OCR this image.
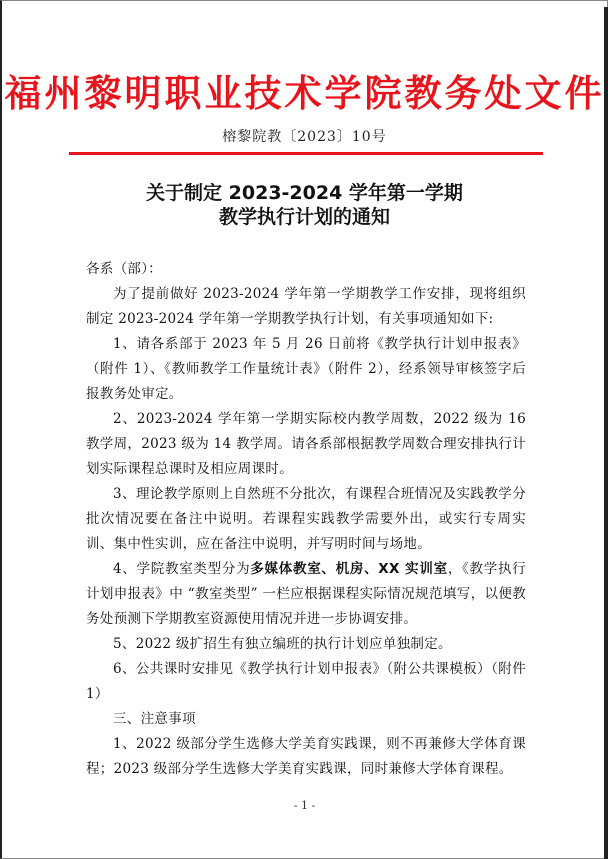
福州黎明职业技术学院教务处文件
榕黎院教〔2023〕10号
关于制定 2023-2024 学年第一学期
教学执行计划的通知

各系（部）：

为了提前做好 2023-2024 学年第一学期教学工作安排，现将组织制定 2023-2024 学年第一学期教学执行计划，有关事项通知如下:

1、请各系部于 2023 年 5 月 26 日前将《教学执行计划申报表》（附件 1）、《教师教学工作量统计表》（附件 2），经系领导审核签字后报教务处审定。

2、2023-2024 学年第一学期实际校内教学周数，2022 级为 16 教学周，2023 级为 14 教学周。请各系部根据教学周数合理安排执行计划实际课程总课时及相应周课时。

3、理论教学原则上自然班不分批次，有课程合班情况及实践教学分批次情况要在备注中说明。若课程实践教学需要外出，或实行专周实训、集中性实训，应在备注中说明，并写明时间与场地。

4、学院教室类型分为多媒体教室、机房、XX 实训室，《教学执行计划申报表》中 “教室类型” 一栏应根据课程实际情况规范填写，以便教务处预测下学期教室资源使用情况并进一步协调安排。

5、2022 级扩招生有独立编班的执行计划应单独制定。

6、公共课时安排见《教学执行计划申报表》（附公共课模板）（附件 1）

三、注意事项

1、2022 级部分学生选修大学美育实践课，则不再兼修大学体育课程；2023 级部分学生选修大学美育实践课，同时兼修大学体育课程。

- 1 -
